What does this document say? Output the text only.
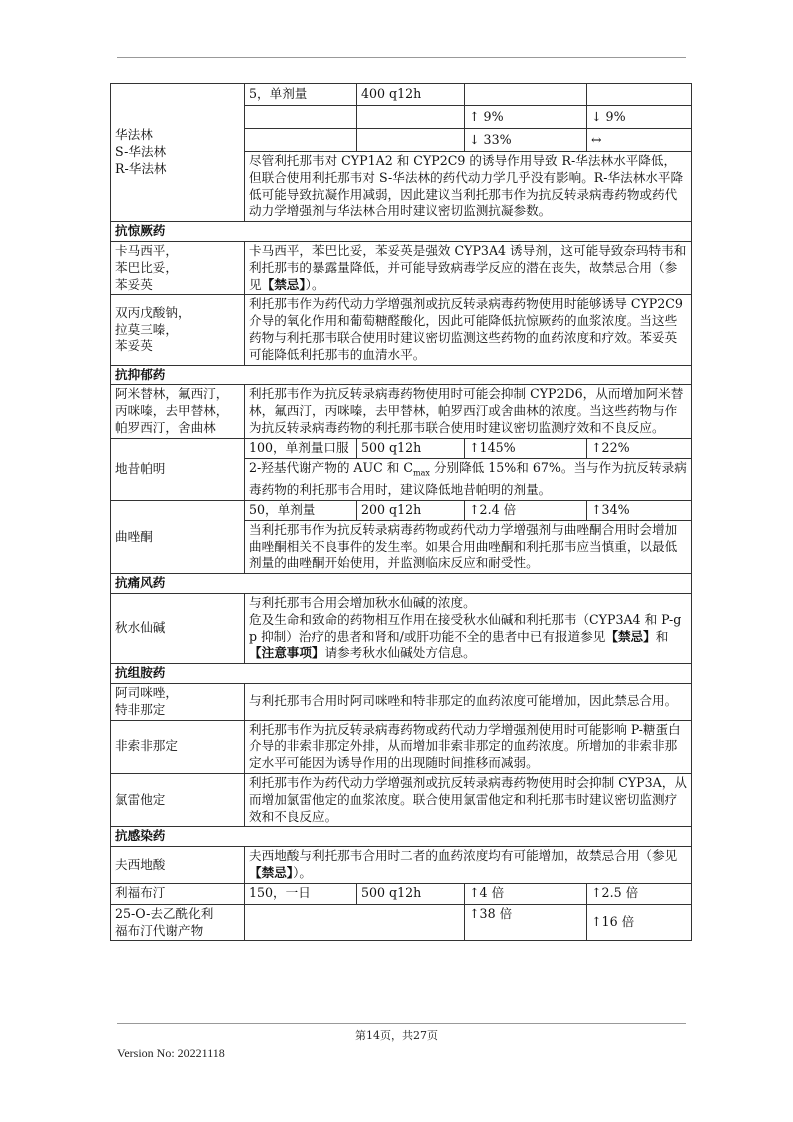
华法林
S-华法林
R-华法林	5，单剂量	400 q12h		
			↑ 9%	↓ 9%
			↓ 33%	↔
	尽管利托那韦对 CYP1A2 和 CYP2C9 的诱导作用导致 R-华法林水平降低，但联合使用利托那韦对 S-华法林的药代动力学几乎没有影响。R-华法林水平降低可能导致抗凝作用减弱，因此建议当利托那韦作为抗反转录病毒药物或药代动力学增强剂与华法林合用时建议密切监测抗凝参数。			
抗惊厥药				

卡马西平，
苯巴比妥，
苯妥英	卡马西平，苯巴比妥，苯妥英是强效 CYP3A4 诱导剂，这可能导致奈玛特韦和利托那韦的暴露量降低，并可能导致病毒学反应的潜在丧失，故禁忌合用（参见【禁忌】）。			

双丙戊酸钠，
拉莫三嗪，
苯妥英	利托那韦作为药代动力学增强剂或抗反转录病毒药物使用时能够诱导 CYP2C9 介导的氧化作用和葡萄糖醛酸化，因此可能降低抗惊厥药的血浆浓度。当这些药物与利托那韦联合使用时建议密切监测这些药物的血药浓度和疗效。苯妥英可能降低利托那韦的血清水平。			
抗抑郁药				

阿米替林，氟西汀，
丙咪嗪，去甲替林，
帕罗西汀，舍曲林	利托那韦作为抗反转录病毒药物使用时可能会抑制 CYP2D6，从而增加阿米替林，氟西汀，丙咪嗪，去甲替林，帕罗西汀或舍曲林的浓度。当这些药物与作为抗反转录病毒药物的利托那韦联合使用时建议密切监测疗效和不良反应。			
地昔帕明	100，单剂量口服	500 q12h	↑145%	↑22%
	2-羟基代谢产物的 AUC 和 $C_{max}$ 分别降低 15%和 67%。当与作为抗反转录病毒药物的利托那韦合用时，建议降低地昔帕明的剂量。			
曲唑酮	50，单剂量	200 q12h	↑2.4 倍	↑34%
	当利托那韦作为抗反转录病毒药物或药代动力学增强剂与曲唑酮合用时会增加曲唑酮相关不良事件的发生率。如果合用曲唑酮和利托那韦应当慎重，以最低剂量的曲唑酮开始使用，并监测临床反应和耐受性。			
抗痛风药				
秋水仙碱	与利托那韦合用会增加秋水仙碱的浓度。
危及生命和致命的药物相互作用在接受秋水仙碱和利托那韦（CYP3A4 和 P-gp 抑制）治疗的患者和肾和/或肝功能不全的患者中已有报道参见【禁忌】和【注意事项】请参考秋水仙碱处方信息。			

抗组胺药				

阿司咪唑，
特非那定	与利托那韦合用时阿司咪唑和特非那定的血药浓度可能增加，因此禁忌合用。			
非索非那定	利托那韦作为抗反转录病毒药物或药代动力学增强剂使用时可能影响 P-糖蛋白介导的非索非那定外排，从而增加非索非那定的血药浓度。所增加的非索非那定水平可能因为诱导作用的出现随时间推移而减弱。			
氯雷他定	利托那韦作为药代动力学增强剂或抗反转录病毒药物使用时会抑制 CYP3A，从而增加氯雷他定的血浆浓度。联合使用氯雷他定和利托那韦时建议密切监测疗效和不良反应。			
抗感染药				
夫西地酸	夫西地酸与利托那韦合用时二者的血药浓度均有可能增加，故禁忌合用（参见【禁忌】）。			
利福布汀	150，一日	500 q12h	↑4 倍	↑2.5 倍

25-O-去乙酰化利
福布汀代谢产物			↑38 倍	↑16 倍
第14页，共27页
Version No: 20221118
